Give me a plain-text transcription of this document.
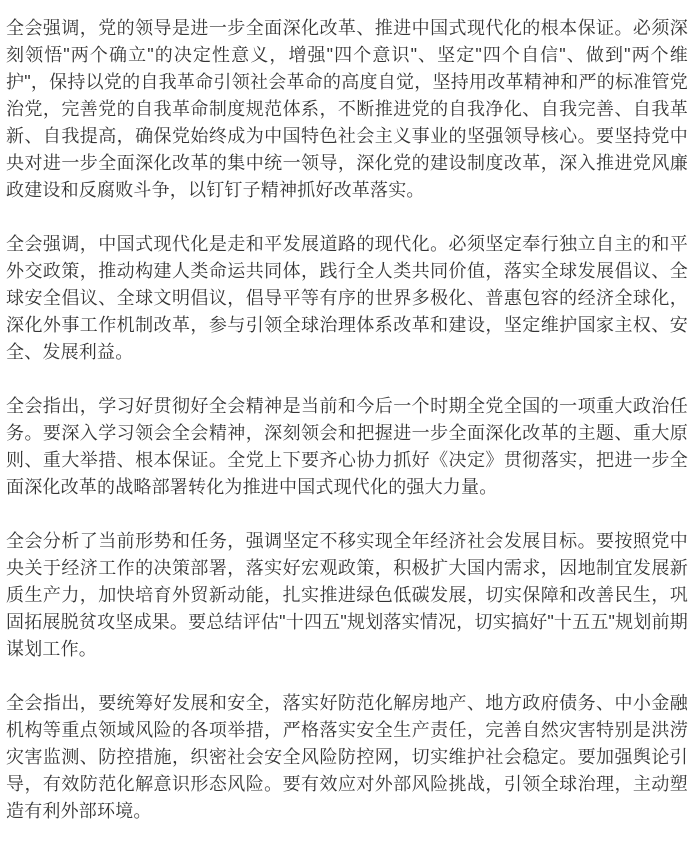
全会强调，党的领导是进一步全面深化改革、推进中国式现代化的根本保证。必须深刻领悟"两个确立"的决定性意义，增强"四个意识"、坚定"四个自信"、做到"两个维护"，保持以党的自我革命引领社会革命的高度自觉，坚持用改革精神和严的标准管党治党，完善党的自我革命制度规范体系，不断推进党的自我净化、自我完善、自我革新、自我提高，确保党始终成为中国特色社会主义事业的坚强领导核心。要坚持党中央对进一步全面深化改革的集中统一领导，深化党的建设制度改革，深入推进党风廉政建设和反腐败斗争，以钉钉子精神抓好改革落实。

全会强调，中国式现代化是走和平发展道路的现代化。必须坚定奉行独立自主的和平外交政策，推动构建人类命运共同体，践行全人类共同价值，落实全球发展倡议、全球安全倡议、全球文明倡议，倡导平等有序的世界多极化、普惠包容的经济全球化，深化外事工作机制改革，参与引领全球治理体系改革和建设，坚定维护国家主权、安全、发展利益。

全会指出，学习好贯彻好全会精神是当前和今后一个时期全党全国的一项重大政治任务。要深入学习领会全会精神，深刻领会和把握进一步全面深化改革的主题、重大原则、重大举措、根本保证。全党上下要齐心协力抓好《决定》贯彻落实，把进一步全面深化改革的战略部署转化为推进中国式现代化的强大力量。

全会分析了当前形势和任务，强调坚定不移实现全年经济社会发展目标。要按照党中央关于经济工作的决策部署，落实好宏观政策，积极扩大国内需求，因地制宜发展新质生产力，加快培育外贸新动能，扎实推进绿色低碳发展，切实保障和改善民生，巩固拓展脱贫攻坚成果。要总结评估"十四五"规划落实情况，切实搞好"十五五"规划前期谋划工作。

全会指出，要统筹好发展和安全，落实好防范化解房地产、地方政府债务、中小金融机构等重点领域风险的各项举措，严格落实安全生产责任，完善自然灾害特别是洪涝灾害监测、防控措施，织密社会安全风险防控网，切实维护社会稳定。要加强舆论引导，有效防范化解意识形态风险。要有效应对外部风险挑战，引领全球治理，主动塑造有利外部环境。
